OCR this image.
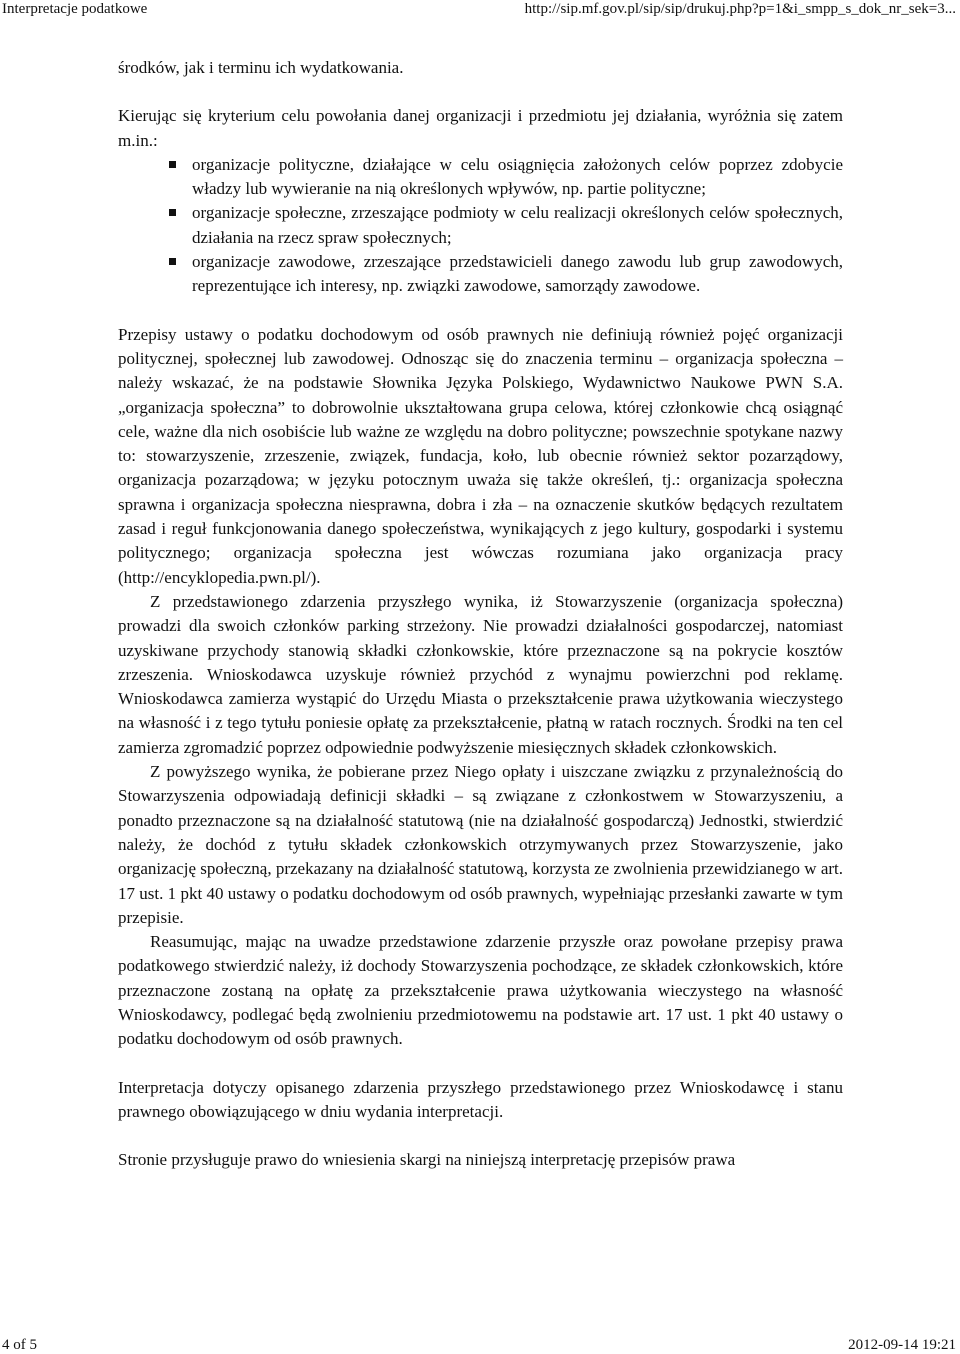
Interpretacje podatkowe	http://sip.mf.gov.pl/sip/sip/drukuj.php?p=1&i_smpp_s_dok_nr_sek=3...

środków, jak i terminu ich wydatkowania.

Kierując się kryterium celu powołania danej organizacji i przedmiotu jej działania, wyróżnia się zatem m.in.:

organizacje polityczne, działające w celu osiągnięcia założonych celów poprzez zdobycie władzy lub wywieranie na nią określonych wpływów, np. partie polityczne;
organizacje społeczne, zrzeszające podmioty w celu realizacji określonych celów społecznych, działania na rzecz spraw społecznych;
organizacje zawodowe, zrzeszające przedstawicieli danego zawodu lub grup zawodowych, reprezentujące ich interesy, np. związki zawodowe, samorządy zawodowe.

Przepisy ustawy o podatku dochodowym od osób prawnych nie definiują również pojęć organizacji politycznej, społecznej lub zawodowej. Odnosząc się do znaczenia terminu – organizacja społeczna – należy wskazać, że na podstawie Słownika Języka Polskiego, Wydawnictwo Naukowe PWN S.A. „organizacja społeczna” to dobrowolnie ukształtowana grupa celowa, której członkowie chcą osiągnąć cele, ważne dla nich osobiście lub ważne ze względu na dobro polityczne; powszechnie spotykane nazwy to: stowarzyszenie, zrzeszenie, związek, fundacja, koło, lub obecnie również sektor pozarządowy, organizacja pozarządowa; w języku potocznym uważa się także określeń, tj.: organizacja społeczna sprawna i organizacja społeczna niesprawna, dobra i zła – na oznaczenie skutków będących rezultatem zasad i reguł funkcjonowania danego społeczeństwa, wynikających z jego kultury, gospodarki i systemu politycznego; organizacja społeczna jest wówczas rozumiana jako organizacja pracy (http://encyklopedia.pwn.pl/).

Z przedstawionego zdarzenia przyszłego wynika, iż Stowarzyszenie (organizacja społeczna) prowadzi dla swoich członków parking strzeżony. Nie prowadzi działalności gospodarczej, natomiast uzyskiwane przychody stanowią składki członkowskie, które przeznaczone są na pokrycie kosztów zrzeszenia. Wnioskodawca uzyskuje również przychód z wynajmu powierzchni pod reklamę. Wnioskodawca zamierza wystąpić do Urzędu Miasta o przekształcenie prawa użytkowania wieczystego na własność i z tego tytułu poniesie opłatę za przekształcenie, płatną w ratach rocznych. Środki na ten cel zamierza zgromadzić poprzez odpowiednie podwyższenie miesięcznych składek członkowskich.

Z powyższego wynika, że pobierane przez Niego opłaty i uiszczane związku z przynależnością do Stowarzyszenia odpowiadają definicji składki – są związane z członkostwem w Stowarzyszeniu, a ponadto przeznaczone są na działalność statutową (nie na działalność gospodarczą) Jednostki, stwierdzić należy, że dochód z tytułu składek członkowskich otrzymywanych przez Stowarzyszenie, jako organizację społeczną, przekazany na działalność statutową, korzysta ze zwolnienia przewidzianego w art. 17 ust. 1 pkt 40 ustawy o podatku dochodowym od osób prawnych, wypełniając przesłanki zawarte w tym przepisie.

Reasumując, mając na uwadze przedstawione zdarzenie przyszłe oraz powołane przepisy prawa podatkowego stwierdzić należy, iż dochody Stowarzyszenia pochodzące, ze składek członkowskich, które przeznaczone zostaną na opłatę za przekształcenie prawa użytkowania wieczystego na własność Wnioskodawcy, podlegać będą zwolnieniu przedmiotowemu na podstawie art. 17 ust. 1 pkt 40 ustawy o podatku dochodowym od osób prawnych.

Interpretacja dotyczy opisanego zdarzenia przyszłego przedstawionego przez Wnioskodawcę i stanu prawnego obowiązującego w dniu wydania interpretacji.

Stronie przysługuje prawo do wniesienia skargi na niniejszą interpretację przepisów prawa

4 of 5	2012-09-14 19:21
